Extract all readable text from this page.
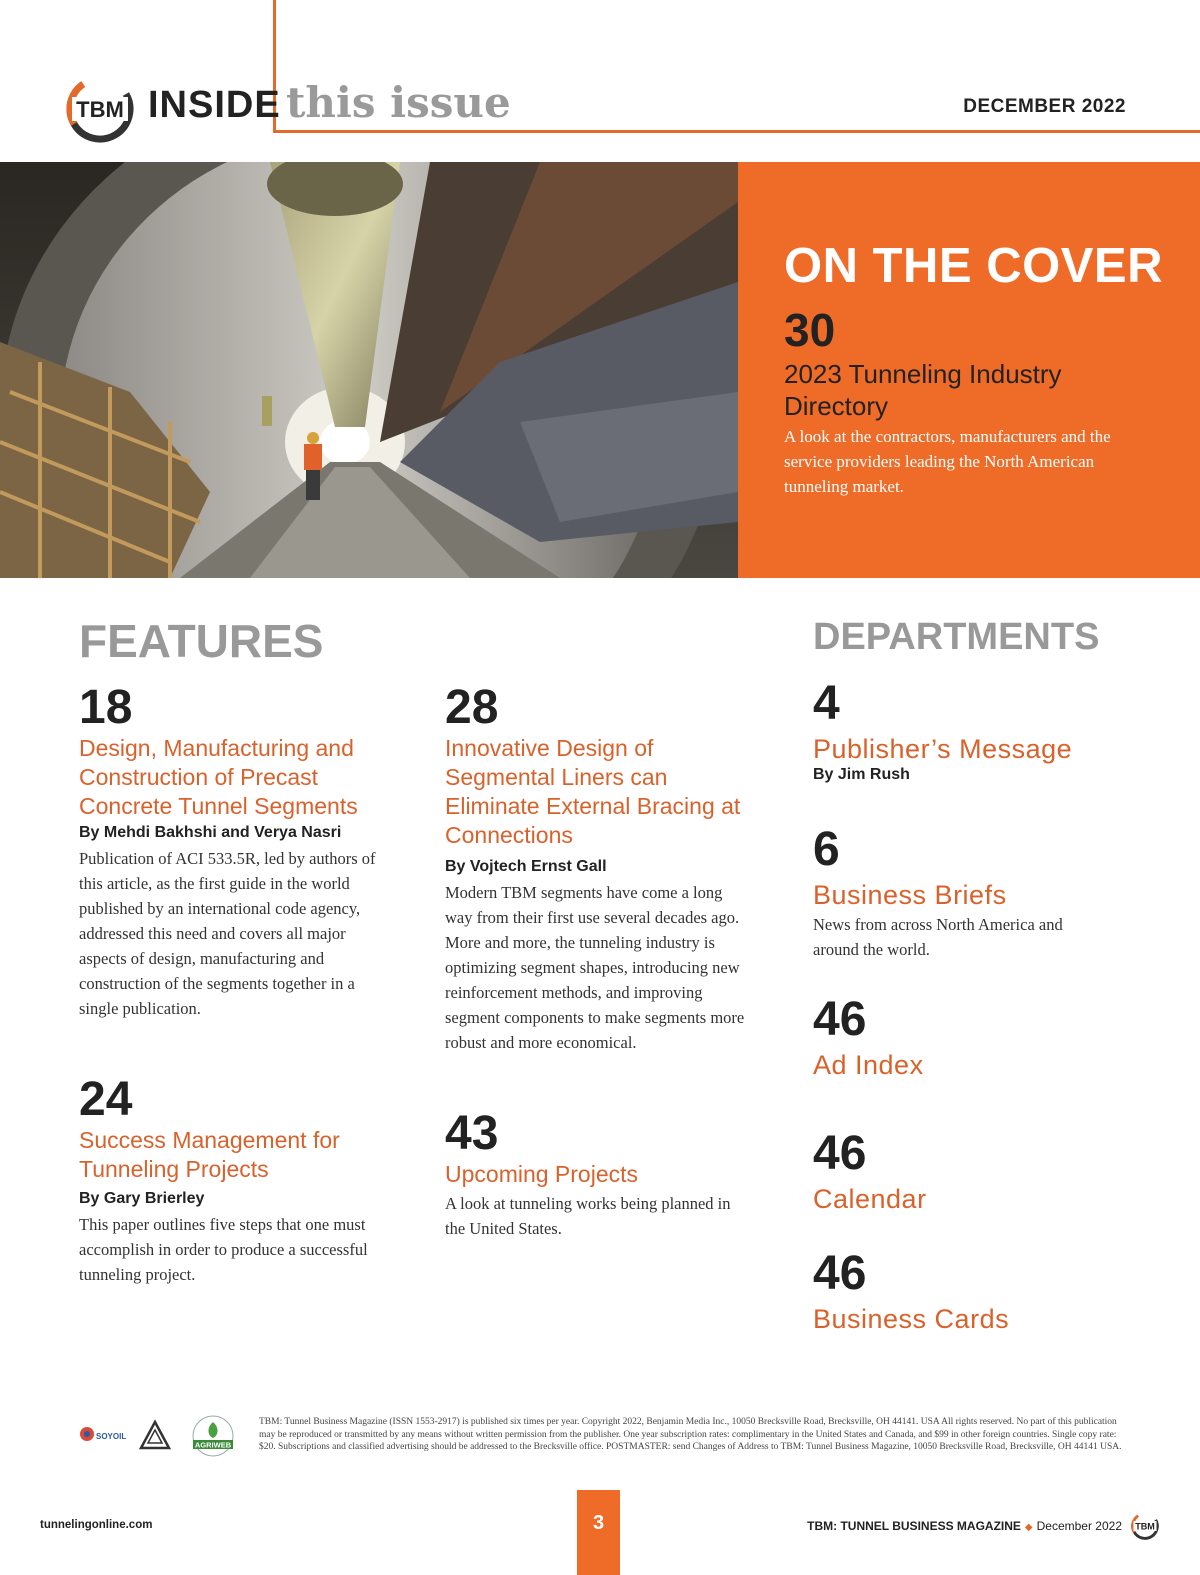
TBM INSIDE this issue	DECEMBER 2022
ON THE COVER
30
2023 Tunneling Industry Directory
A look at the contractors, manufacturers and the service providers leading the North American tunneling market.
FEATURES

18

Design, Manufacturing and Construction of Precast Concrete Tunnel Segments

By Mehdi Bakhshi and Verya Nasri

Publication of ACI 533.5R, led by authors of this article, as the first guide in the world published by an international code agency, addressed this need and covers all major aspects of design, manufacturing and construction of the segments together in a single publication.

28

Innovative Design of Segmental Liners can Eliminate External Bracing at Connections

By Vojtech Ernst Gall

Modern TBM segments have come a long way from their first use several decades ago. More and more, the tunneling industry is optimizing segment shapes, introducing new reinforcement methods, and improving segment components to make segments more robust and more economical.

24

Success Management for Tunneling Projects

By Gary Brierley

This paper outlines five steps that one must accomplish in order to produce a successful tunneling project.

43

Upcoming Projects

A look at tunneling works being planned in the United States.

DEPARTMENTS

4

Publisher’s Message

By Jim Rush

6

Business Briefs

News from across North America and around the world.

46

Ad Index

46

Calendar

46

Business Cards

SOYOIL
AGRIWEB
TBM: Tunnel Business Magazine (ISSN 1553-2917) is published six times per year. Copyright 2022, Benjamin Media Inc., 10050 Brecksville Road, Brecksville, OH 44141. USA All rights reserved. No part of this publication may be reproduced or transmitted by any means without written permission from the publisher. One year subscription rates: complimentary in the United States and Canada, and $99 in other foreign countries. Single copy rate: $20. Subscriptions and classified advertising should be addressed to the Brecksville office. POSTMASTER: send Changes of Address to TBM: Tunnel Business Magazine, 10050 Brecksville Road, Brecksville, OH 44141 USA.
tunnelingonline.com	3	TBM: TUNNEL BUSINESS MAGAZINE ◆ December 2022 TBM
